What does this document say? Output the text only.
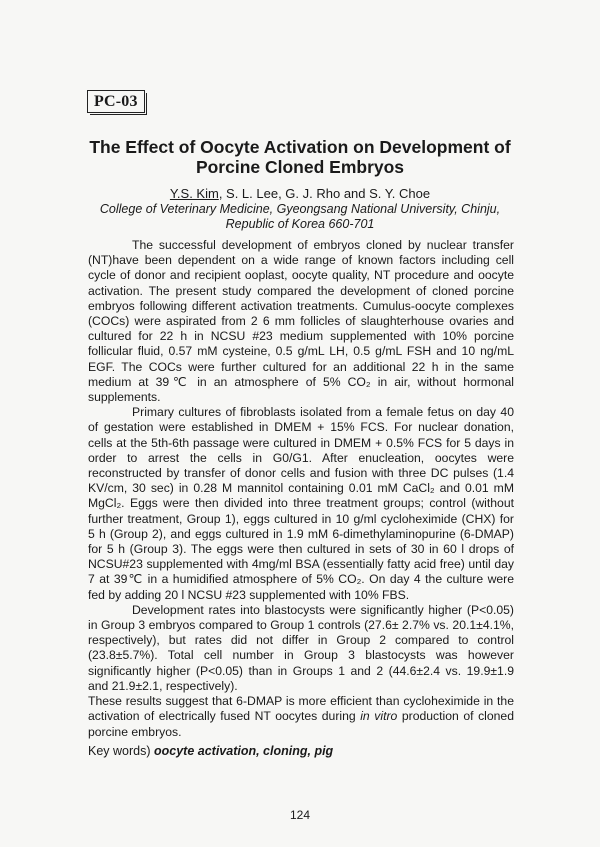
PC-03
The Effect of Oocyte Activation on Development of
Porcine Cloned Embryos
Y.S. Kim, S. L. Lee, G. J. Rho and S. Y. Choe
College of Veterinary Medicine, Gyeongsang National University, Chinju,
Republic of Korea 660-701

The successful development of embryos cloned by nuclear transfer (NT)have been dependent on a wide range of known factors including cell cycle of donor and recipient ooplast, oocyte quality, NT procedure and oocyte activation. The present study compared the development of cloned porcine embryos following different activation treatments. Cumulus-oocyte complexes (COCs) were aspirated from 2 6 mm follicles of slaughterhouse ovaries and cultured for 22 h in NCSU #23 medium supplemented with 10% porcine follicular fluid, 0.57 mM cysteine, 0.5 g/mL LH, 0.5 g/mL FSH and 10 ng/mL EGF. The COCs were further cultured for an additional 22 h in the same medium at 39℃ in an atmosphere of 5% CO₂ in air, without hormonal supplements.

Primary cultures of fibroblasts isolated from a female fetus on day 40 of gestation were established in DMEM + 15% FCS. For nuclear donation, cells at the 5th-6th passage were cultured in DMEM + 0.5% FCS for 5 days in order to arrest the cells in G0/G1. After enucleation, oocytes were reconstructed by transfer of donor cells and fusion with three DC pulses (1.4 KV/cm, 30 sec) in 0.28 M mannitol containing 0.01 mM CaCl₂ and 0.01 mM MgCl₂. Eggs were then divided into three treatment groups; control (without further treatment, Group 1), eggs cultured in 10 g/ml cycloheximide (CHX) for 5 h (Group 2), and eggs cultured in 1.9 mM 6-dimethylaminopurine (6-DMAP) for 5 h (Group 3). The eggs were then cultured in sets of 30 in 60 l drops of NCSU#23 supplemented with 4mg/ml BSA (essentially fatty acid free) until day 7 at 39℃ in a humidified atmosphere of 5% CO₂. On day 4 the culture were fed by adding 20 l NCSU #23 supplemented with 10% FBS.

Development rates into blastocysts were significantly higher (P<0.05) in Group 3 embryos compared to Group 1 controls (27.6± 2.7% vs. 20.1±4.1%, respectively), but rates did not differ in Group 2 compared to control (23.8±5.7%). Total cell number in Group 3 blastocysts was however significantly higher (P<0.05) than in Groups 1 and 2 (44.6±2.4 vs. 19.9±1.9 and 21.9±2.1, respectively).

These results suggest that 6-DMAP is more efficient than cycloheximide in the activation of electrically fused NT oocytes during in vitro production of cloned porcine embryos.

Key words) oocyte activation, cloning, pig
124
